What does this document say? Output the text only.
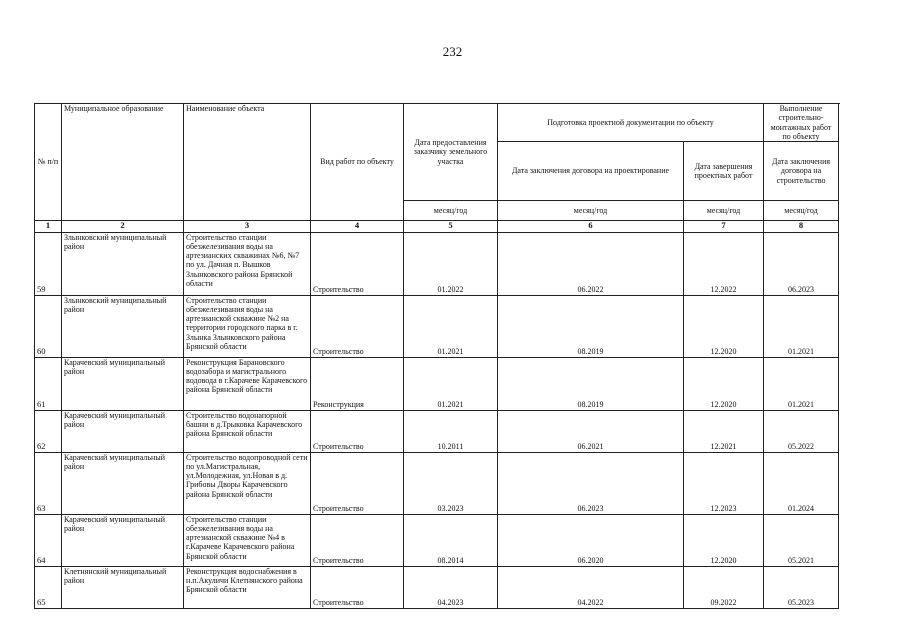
232
№ п/п	Муниципальное образование	Наименование объекта	Вид работ по объекту	Дата предоставления заказчику земельного участка	Подготовка проектной документации по объекту		Выполнение строительно-монтажных работ по объекту	
					Дата заключения договора на проектирование	Дата завершения проектных работ	Дата заключения договора на строительство	
				месяц/год	месяц/год	месяц/год	месяц/год	
1	2	3	4	5	6	7	8	
59	Злынковский муниципальный район	Строительство станции обезжелезивания воды на артезианских скважинах №6, №7 по ул. Дачная п. Вышков Злынковского района Брянской области	Строительство	01.2022	06.2022	12.2022	06.2023	
60	Злынковский муниципальный район	Строительство станции обезжелезивания воды на артезианской скважине №2 на территории городского парка в г. Злынка Злынковского района Брянской области	Строительство	01.2021	08.2019	12.2020	01.2021	
61	Карачевский муниципальный район	Реконструкция Барановского водозабора и магистрального водовода в г.Карачеве Карачевского района Брянской области	Реконструкция	01.2021	08.2019	12.2020	01.2021	
62	Карачевский муниципальный район	Строительство водонапорной башни в д.Трыковка Карачевского района Брянской области	Строительство	10.2011	06.2021	12.2021	05.2022	
63	Карачевский муниципальный район	Строительство водопроводной сети по ул.Магистральная, ул.Молодежная, ул.Новая в д. Грибовы Дворы Карачевского района Брянской области	Строительство	03.2023	06.2023	12.2023	01.2024	
64	Карачевский муниципальный район	Строительство станции обезжелезивания воды на артезианской скважине №4 в г.Карачеве Карачевского района Брянской области	Строительство	08.2014	06.2020	12.2020	05.2021	
65	Клетнянский муниципальный район	Реконструкция водоснабжения в н.п.Акуличи Клетнянского района Брянской области	Строительство	04.2023	04.2022	09.2022	05.2023	
